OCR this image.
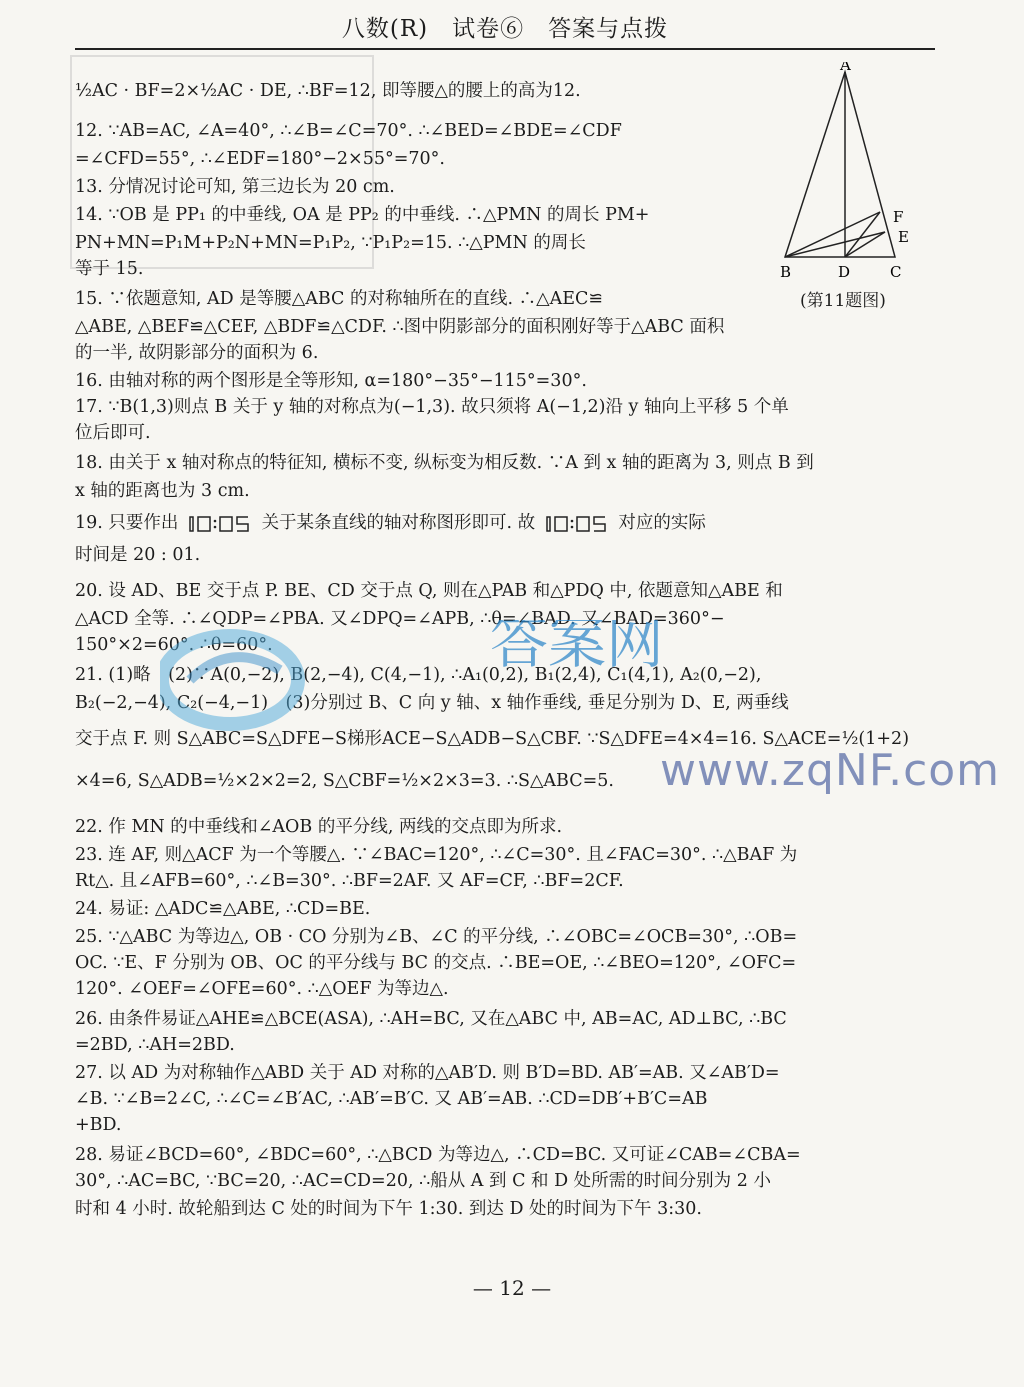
八数(R)　试卷⑥　答案与点拨
A
B	D	C
E
F
(第11题图)
½AC · BF=2×½AC · DE, ∴BF=12, 即等腰△的腰上的高为12.
12. ∵AB=AC, ∠A=40°, ∴∠B=∠C=70°. ∴∠BED=∠BDE=∠CDF
=∠CFD=55°, ∴∠EDF=180°−2×55°=70°.
13. 分情况讨论可知, 第三边长为 20 cm.
14. ∵OB 是 PP₁ 的中垂线, OA 是 PP₂ 的中垂线. ∴△PMN 的周长 PM+
PN+MN=P₁M+P₂N+MN=P₁P₂, ∵P₁P₂=15. ∴△PMN 的周长
等于 15.
15. ∵依题意知, AD 是等腰△ABC 的对称轴所在的直线. ∴△AEC≌
△ABE, △BEF≌△CEF, △BDF≌△CDF. ∴图中阴影部分的面积刚好等于△ABC 面积
的一半, 故阴影部分的面积为 6.
16. 由轴对称的两个图形是全等形知, α=180°−35°−115°=30°.
17. ∵B(1,3)则点 B 关于 y 轴的对称点为(−1,3). 故只须将 A(−1,2)沿 y 轴向上平移 5 个单
位后即可.
18. 由关于 x 轴对称点的特征知, 横标不变, 纵标变为相反数. ∵A 到 x 轴的距离为 3, 则点 B 到
x 轴的距离也为 3 cm.
19. 只要作出	关于某条直线的轴对称图形即可. 故	对应的实际
时间是 20 : 01.
20. 设 AD、BE 交于点 P. BE、CD 交于点 Q, 则在△PAB 和△PDQ 中, 依题意知△ABE 和
△ACD 全等. ∴∠QDP=∠PBA. 又∠DPQ=∠APB, ∴θ=∠BAD. 又∠BAD=360°−
150°×2=60°. ∴θ=60°.
21. (1)略　(2)∵A(0,−2), B(2,−4), C(4,−1), ∴A₁(0,2), B₁(2,4), C₁(4,1), A₂(0,−2),
B₂(−2,−4), C₂(−4,−1)　(3)分别过 B、C 向 y 轴、x 轴作垂线, 垂足分别为 D、E, 两垂线
交于点 F. 则 S△ABC=S△DFE−S梯形ACE−S△ADB−S△CBF. ∵S△DFE=4×4=16. S△ACE=½(1+2)
×4=6, S△ADB=½×2×2=2, S△CBF=½×2×3=3. ∴S△ABC=5.
22. 作 MN 的中垂线和∠AOB 的平分线, 两线的交点即为所求.
23. 连 AF, 则△ACF 为一个等腰△. ∵∠BAC=120°, ∴∠C=30°. 且∠FAC=30°. ∴△BAF 为
Rt△. 且∠AFB=60°, ∴∠B=30°. ∴BF=2AF. 又 AF=CF, ∴BF=2CF.
24. 易证: △ADC≌△ABE, ∴CD=BE.
25. ∵△ABC 为等边△, OB · CO 分别为∠B、∠C 的平分线, ∴∠OBC=∠OCB=30°, ∴OB=
OC. ∵E、F 分别为 OB、OC 的平分线与 BC 的交点. ∴BE=OE, ∴∠BEO=120°, ∠OFC=
120°. ∠OEF=∠OFE=60°. ∴△OEF 为等边△.
26. 由条件易证△AHE≌△BCE(ASA), ∴AH=BC, 又在△ABC 中, AB=AC, AD⊥BC, ∴BC
=2BD, ∴AH=2BD.
27. 以 AD 为对称轴作△ABD 关于 AD 对称的△AB′D. 则 B′D=BD. AB′=AB. 又∠AB′D=
∠B. ∵∠B=2∠C, ∴∠C=∠B′AC, ∴AB′=B′C. 又 AB′=AB. ∴CD=DB′+B′C=AB
+BD.
28. 易证∠BCD=60°, ∠BDC=60°, ∴△BCD 为等边△, ∴CD=BC. 又可证∠CAB=∠CBA=
30°, ∴AC=BC, ∵BC=20, ∴AC=CD=20, ∴船从 A 到 C 和 D 处所需的时间分别为 2 小
时和 4 小时. 故轮船到达 C 处的时间为下午 1:30. 到达 D 处的时间为下午 3:30.
答案网
www.zqNF.com
— 12 —
